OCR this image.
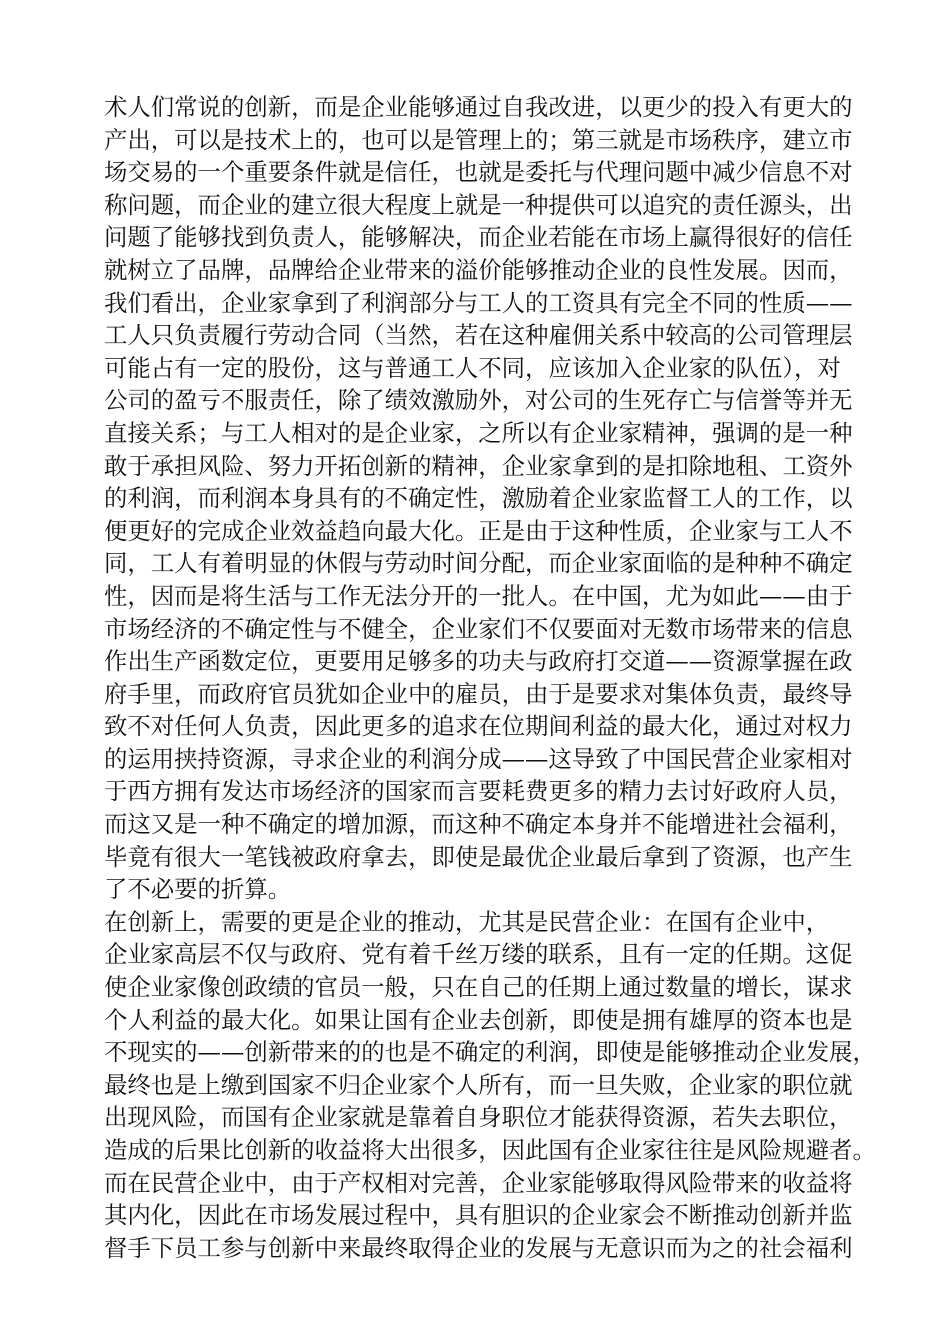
术人们常说的创新，而是企业能够通过自我改进，以更少的投入有更大的
产出，可以是技术上的，也可以是管理上的；第三就是市场秩序，建立市
场交易的一个重要条件就是信任，也就是委托与代理问题中减少信息不对
称问题，而企业的建立很大程度上就是一种提供可以追究的责任源头，出
问题了能够找到负责人，能够解决，而企业若能在市场上赢得很好的信任
就树立了品牌，品牌给企业带来的溢价能够推动企业的良性发展。因而，
我们看出，企业家拿到了利润部分与工人的工资具有完全不同的性质——
工人只负责履行劳动合同（当然，若在这种雇佣关系中较高的公司管理层
可能占有一定的股份，这与普通工人不同，应该加入企业家的队伍），对
公司的盈亏不服责任，除了绩效激励外，对公司的生死存亡与信誉等并无
直接关系；与工人相对的是企业家，之所以有企业家精神，强调的是一种
敢于承担风险、努力开拓创新的精神，企业家拿到的是扣除地租、工资外
的利润，而利润本身具有的不确定性，激励着企业家监督工人的工作，以
便更好的完成企业效益趋向最大化。正是由于这种性质，企业家与工人不
同，工人有着明显的休假与劳动时间分配，而企业家面临的是种种不确定
性，因而是将生活与工作无法分开的一批人。在中国，尤为如此——由于
市场经济的不确定性与不健全，企业家们不仅要面对无数市场带来的信息
作出生产函数定位，更要用足够多的功夫与政府打交道——资源掌握在政
府手里，而政府官员犹如企业中的雇员，由于是要求对集体负责，最终导
致不对任何人负责，因此更多的追求在位期间利益的最大化，通过对权力
的运用挟持资源，寻求企业的利润分成——这导致了中国民营企业家相对
于西方拥有发达市场经济的国家而言要耗费更多的精力去讨好政府人员，
而这又是一种不确定的增加源，而这种不确定本身并不能增进社会福利，
毕竟有很大一笔钱被政府拿去，即使是最优企业最后拿到了资源，也产生
了不必要的折算。
在创新上，需要的更是企业的推动，尤其是民营企业：在国有企业中，
企业家高层不仅与政府、党有着千丝万缕的联系，且有一定的任期。这促
使企业家像创政绩的官员一般，只在自己的任期上通过数量的增长，谋求
个人利益的最大化。如果让国有企业去创新，即使是拥有雄厚的资本也是
不现实的——创新带来的的也是不确定的利润，即使是能够推动企业发展，
最终也是上缴到国家不归企业家个人所有，而一旦失败，企业家的职位就
出现风险，而国有企业家就是靠着自身职位才能获得资源，若失去职位，
造成的后果比创新的收益将大出很多，因此国有企业家往往是风险规避者。
而在民营企业中，由于产权相对完善，企业家能够取得风险带来的收益将
其内化，因此在市场发展过程中，具有胆识的企业家会不断推动创新并监
督手下员工参与创新中来最终取得企业的发展与无意识而为之的社会福利
